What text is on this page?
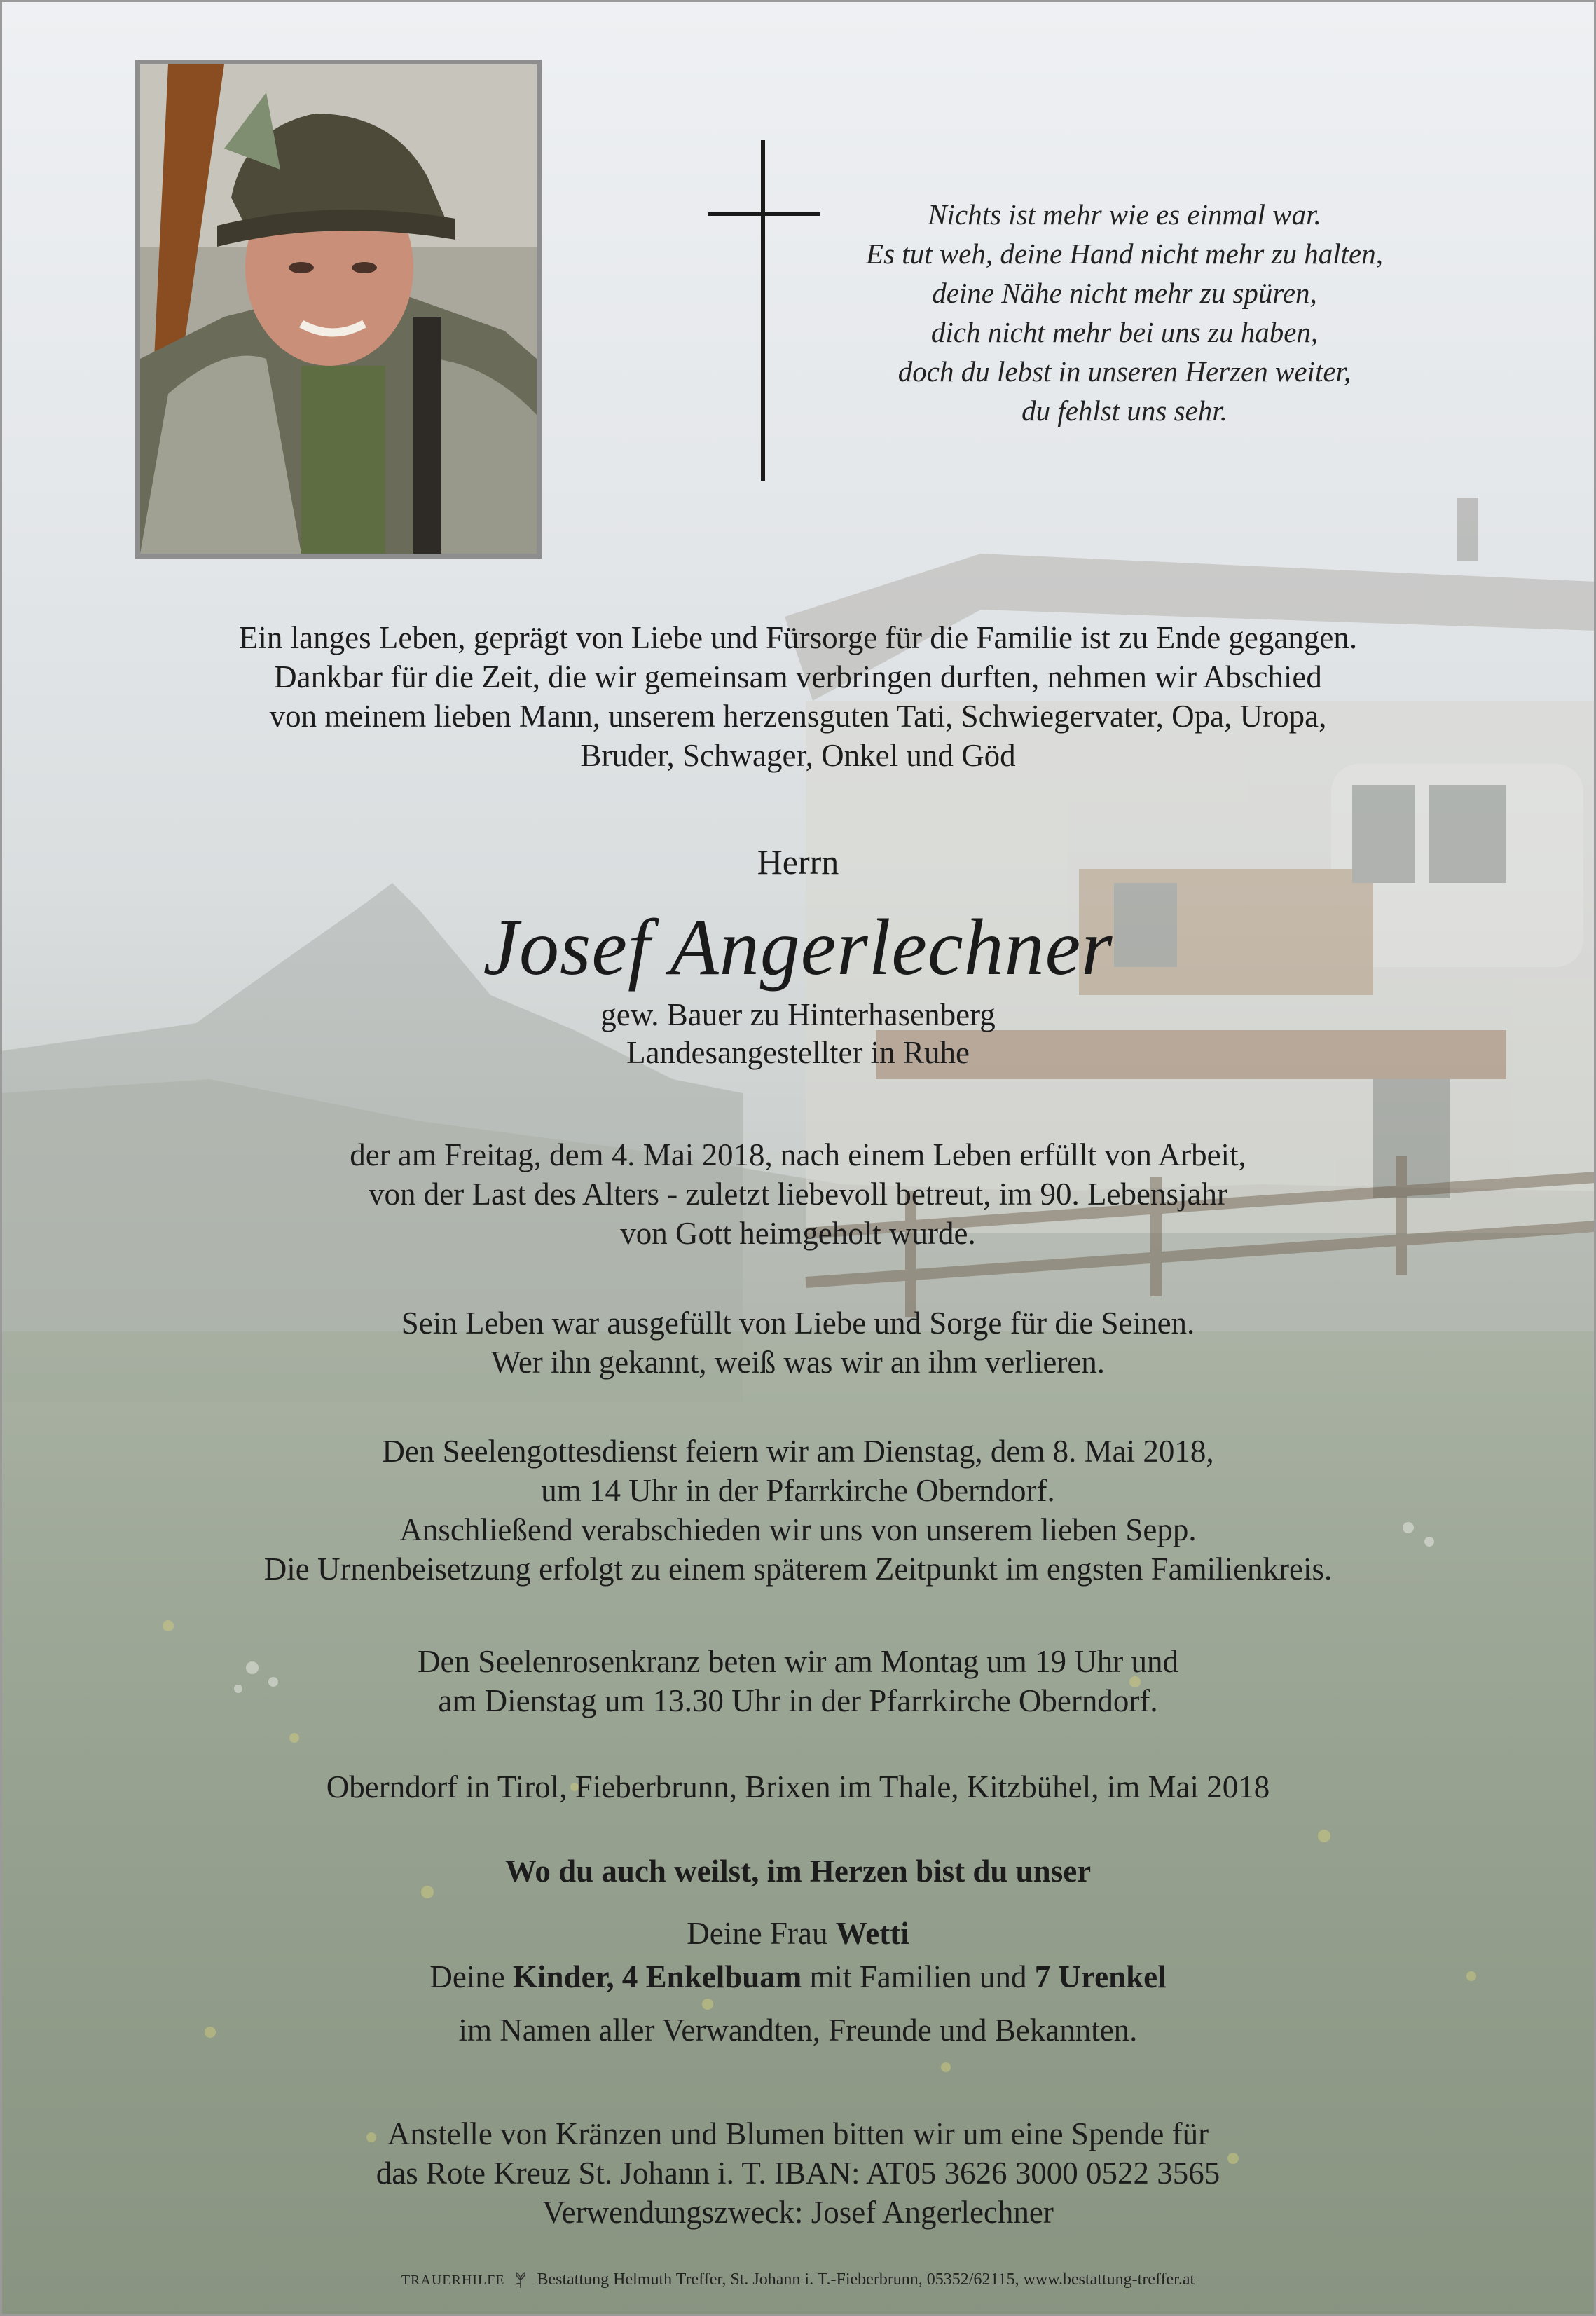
Nichts ist mehr wie es einmal war.
Es tut weh, deine Hand nicht mehr zu halten,
deine Nähe nicht mehr zu spüren,
dich nicht mehr bei uns zu haben,
doch du lebst in unseren Herzen weiter,
du fehlst uns sehr.
Ein langes Leben, geprägt von Liebe und Fürsorge für die Familie ist zu Ende gegangen.
Dankbar für die Zeit, die wir gemeinsam verbringen durften, nehmen wir Abschied
von meinem lieben Mann, unserem herzensguten Tati, Schwiegervater, Opa, Uropa,
Bruder, Schwager, Onkel und Göd
Herrn
Josef Angerlechner
gew. Bauer zu Hinterhasenberg
Landesangestellter in Ruhe
der am Freitag, dem 4. Mai 2018, nach einem Leben erfüllt von Arbeit,
von der Last des Alters - zuletzt liebevoll betreut, im 90. Lebensjahr
von Gott heimgeholt wurde.
Sein Leben war ausgefüllt von Liebe und Sorge für die Seinen.
Wer ihn gekannt, weiß was wir an ihm verlieren.
Den Seelengottesdienst feiern wir am Dienstag, dem 8. Mai 2018,
um 14 Uhr in der Pfarrkirche Oberndorf.
Anschließend verabschieden wir uns von unserem lieben Sepp.
Die Urnenbeisetzung erfolgt zu einem späterem Zeitpunkt im engsten Familienkreis.
Den Seelenrosenkranz beten wir am Montag um 19 Uhr und
am Dienstag um 13.30 Uhr in der Pfarrkirche Oberndorf.
Oberndorf in Tirol, Fieberbrunn, Brixen im Thale, Kitzbühel, im Mai 2018
Wo du auch weilst, im Herzen bist du unser
Deine Frau Wetti
Deine Kinder, 4 Enkelbuam mit Familien und 7 Urenkel
im Namen aller Verwandten, Freunde und Bekannten.
Anstelle von Kränzen und Blumen bitten wir um eine Spende für
das Rote Kreuz St. Johann i. T. IBAN: AT05 3626 3000 0522 3565
Verwendungszweck: Josef Angerlechner
TRAUERHILFE Bestattung Helmuth Treffer, St. Johann i. T.-Fieberbrunn, 05352/62115, www.bestattung-treffer.at
